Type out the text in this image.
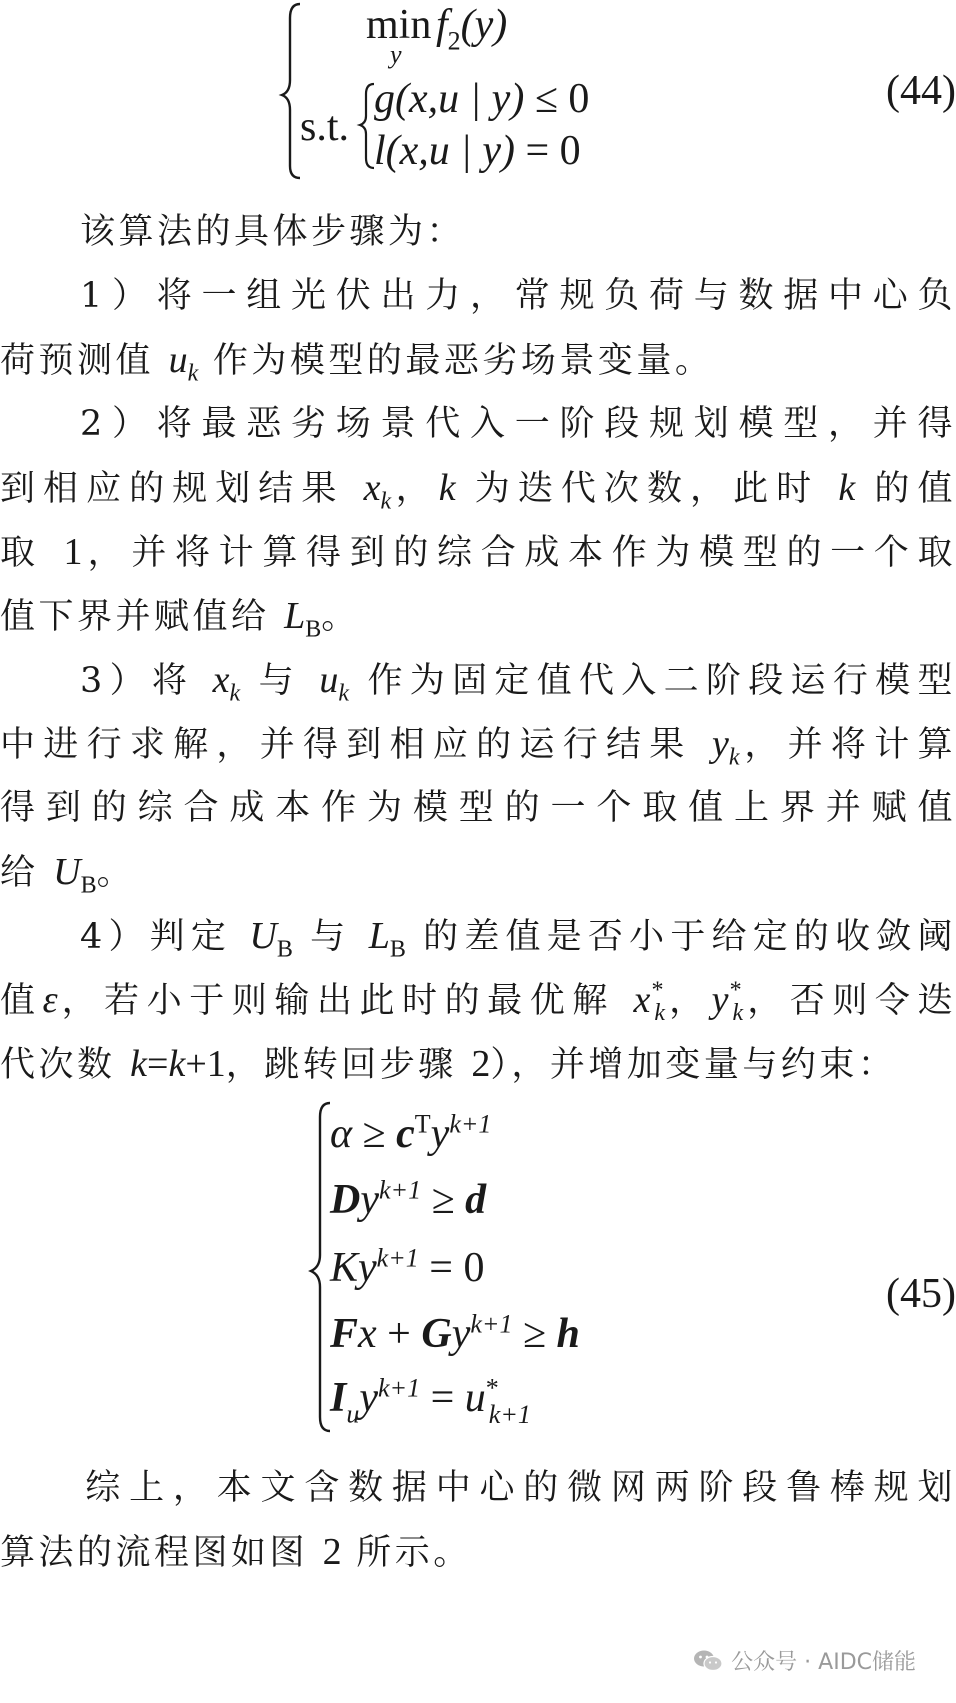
min
y
$f_2(y)$
s.t.
g(x,u | y) ≤ 0
l(x,u | y) = 0
(44)
该算法的具体步骤为：
1）将一组光伏出力，常规负荷与数据中心负
荷预测值 $u_k$ 作为模型的最恶劣场景变量。
2）将最恶劣场景代入一阶段规划模型，并得
到相应的规划结果 $x_k$，k 为迭代次数，此时 k 的值
取 1，并将计算得到的综合成本作为模型的一个取
值下界并赋值给 $L_B$。
3）将 $x_k$ 与 $u_k$ 作为固定值代入二阶段运行模型
中进行求解，并得到相应的运行结果 $y_k$，并将计算
得到的综合成本作为模型的一个取值上界并赋值
给 $U_B$。
4）判定 $U_B$ 与 $L_B$ 的差值是否小于给定的收敛阈
值ε，若小于则输出此时的最优解 $x^*_k$，$y^*_k$，否则令迭
代次数 k=k+1，跳转回步骤 2），并增加变量与约束：
$\alpha \ge c^Ty^{k+1}$
$Dy^{k+1} \ge d$
$Ky^{k+1} = 0$
$Fx + Gy^{k+1} \ge h$
$I_uy^{k+1} = u^*_{k+1}$
(45)
综上，本文含数据中心的微网两阶段鲁棒规划
算法的流程图如图 2 所示。
公众号 · AIDC储能
